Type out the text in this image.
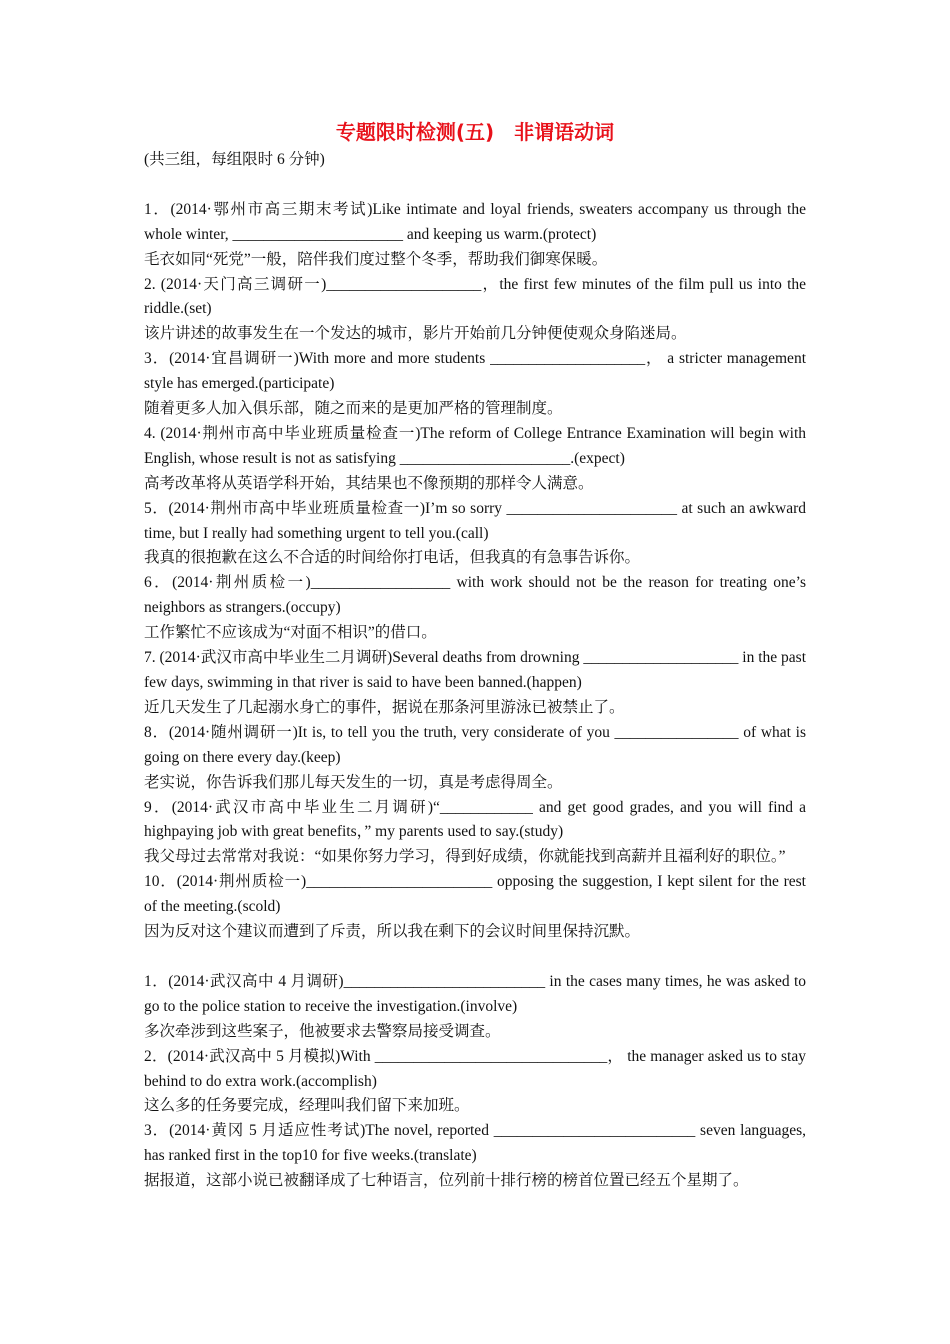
专题限时检测(五)　非谓语动词
(共三组，每组限时 6 分钟)

1．(2014·鄂州市高三期末考试)Like intimate and loyal friends, sweaters accompany us through the whole winter, ______________________ and keeping us warm.(protect)

毛衣如同“死党”一般，陪伴我们度过整个冬季，帮助我们御寒保暖。

2. (2014·天门高三调研一)____________________，the first few minutes of the film pull us into the riddle.(set)

该片讲述的故事发生在一个发达的城市，影片开始前几分钟便使观众身陷迷局。

3．(2014·宜昌调研一)With more and more students ____________________， a stricter management style has emerged.(participate)

随着更多人加入俱乐部，随之而来的是更加严格的管理制度。

4. (2014·荆州市高中毕业班质量检查一)The reform of College Entrance Examination will begin with English, whose result is not as satisfying ______________________.(expect)

高考改革将从英语学科开始，其结果也不像预期的那样令人满意。

5．(2014·荆州市高中毕业班质量检查一)I’m so sorry ______________________ at such an awkward time, but I really had something urgent to tell you.(call)

我真的很抱歉在这么不合适的时间给你打电话，但我真的有急事告诉你。

6．(2014·荆州质检一)__________________ with work should not be the reason for treating one’s neighbors as strangers.(occupy)

工作繁忙不应该成为“对面不相识”的借口。

7. (2014·武汉市高中毕业生二月调研)Several deaths from drowning ____________________ in the past few days, swimming in that river is said to have been banned.(happen)

近几天发生了几起溺水身亡的事件，据说在那条河里游泳已被禁止了。

8．(2014·随州调研一)It is, to tell you the truth, very considerate of you ________________ of what is going on there every day.(keep)

老实说，你告诉我们那儿每天发生的一切，真是考虑得周全。

9．(2014·武汉市高中毕业生二月调研)“____________ and get good grades, and you will find a highpaying job with great benefits，” my parents used to say.(study)

我父母过去常常对我说：“如果你努力学习，得到好成绩，你就能找到高薪并且福利好的职位。”

10．(2014·荆州质检一)________________________ opposing the suggestion, I kept silent for the rest of the meeting.(scold)

因为反对这个建议而遭到了斥责，所以我在剩下的会议时间里保持沉默。

1．(2014·武汉高中 4 月调研)__________________________ in the cases many times, he was asked to go to the police station to receive the investigation.(involve)

多次牵涉到这些案子，他被要求去警察局接受调查。

2．(2014·武汉高中 5 月模拟)With ______________________________， the manager asked us to stay behind to do extra work.(accomplish)

这么多的任务要完成，经理叫我们留下来加班。

3．(2014·黄冈 5 月适应性考试)The novel, reported __________________________ seven languages, has ranked first in the top10 for five weeks.(translate)

据报道，这部小说已被翻译成了七种语言，位列前十排行榜的榜首位置已经五个星期了。
